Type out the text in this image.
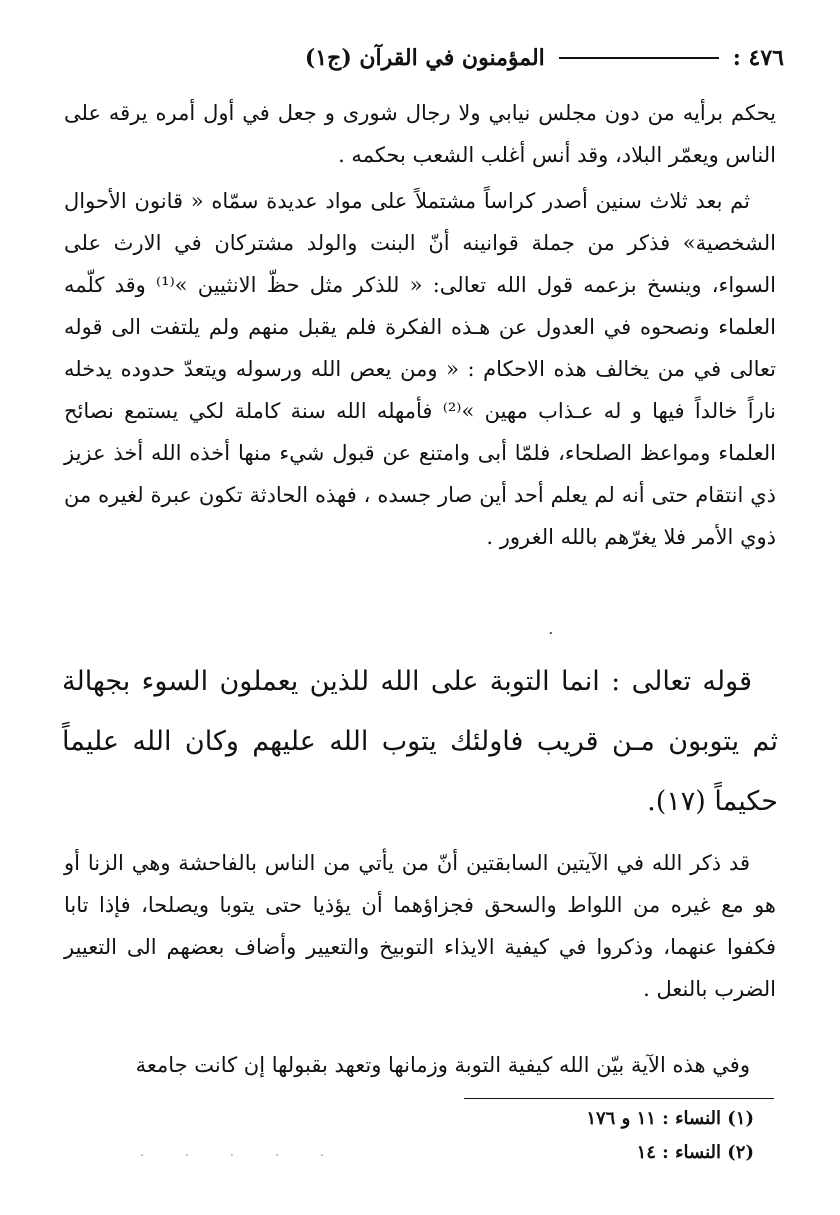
٤٧٦ :
المؤمنون في القرآن (ج١)
يحكم برأيه من دون مجلس نيابي ولا رجال شورى و جعل في أول أمره يرقه على الناس ويعمّر البلاد، وقد أنس أغلب الشعب بحكمه .
ثم بعد ثلاث سنين أصدر كراساً مشتملاً على مواد عديدة سمّاه « قانون الأحوال الشخصية» فذكر من جملة قوانينه أنّ البنت والولد مشتركان في الارث على السواء، وينسخ بزعمه قول الله تعالى: « للذكر مثل حظّ الانثيين »⁽¹⁾ وقد كلّمه العلماء ونصحوه في العدول عن هـذه الفكرة فلم يقبل منهم ولم يلتفت الى قوله تعالى في من يخالف هذه الاحكام : « ومن يعص الله ورسوله ويتعدّ حدوده يدخله ناراً خالداً فيها و له عـذاب مهين »⁽²⁾ فأمهله الله سنة كاملة لكي يستمع نصائح العلماء ومواعظ الصلحاء، فلمّا أبى وامتنع عن قبول شيء منها أخذه الله أخذ عزيز ذي انتقام حتى أنه لم يعلم أحد أين صار جسده ، فهذه الحادثة تكون عبرة لغيره من ذوي الأمر فلا يغرّهم بالله الغرور .
.
قوله تعالى : انما التوبة على الله للذين يعملون السوء بجهالة ثم يتوبون مـن قريب فاولئك يتوب الله عليهم وكان الله عليماً حكيماً (١٧).
قد ذكر الله في الآيتين السابقتين أنّ من يأتي من الناس بالفاحشة وهي الزنا أو هو مع غيره من اللواط والسحق فجزاؤهما أن يؤذيا حتى يتوبا ويصلحا، فإذا تابا فكفوا عنهما، وذكروا في كيفية الايذاء التوبيخ والتعيير وأضاف بعضهم الى التعيير الضرب بالنعل .
وفي هذه الآية بيّن الله كيفية التوبة وزمانها وتعهد بقبولها إن كانت جامعة
(١) النساء : ١١ و ١٧٦
(٢) النساء : ١٤
. . . . .
